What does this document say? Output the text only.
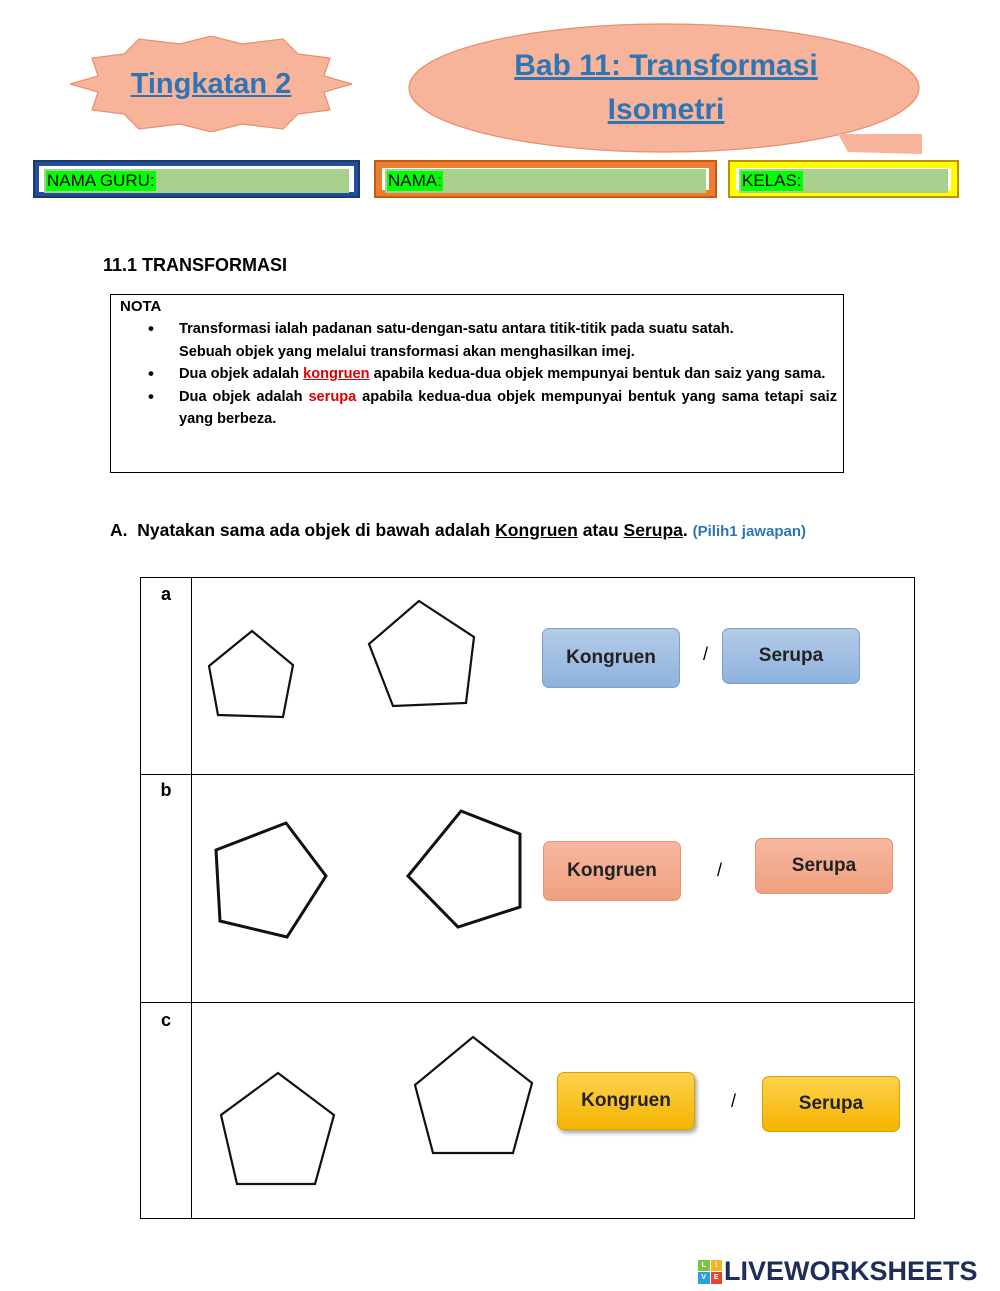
Tingkatan 2
Bab 11: Transformasi
Isometri
NAMA GURU:	NAMA:	KELAS:
11.1 TRANSFORMASI
NOTA
• Transformasi ialah padanan satu-dengan-satu antara titik-titik pada suatu satah.
Sebuah objek yang melalui transformasi akan menghasilkan imej.
• Dua objek adalah kongruen apabila kedua-dua objek mempunyai bentuk dan saiz yang sama.
• Dua objek adalah serupa apabila kedua-dua objek mempunyai bentuk yang sama tetapi saiz yang berbeza.
A. Nyatakan sama ada objek di bawah adalah Kongruen atau Serupa. (Pilih1 jawapan)
a
Kongruen	/	Serupa
b
Kongruen	/	Serupa
c
Kongruen	/	Serupa
L	I
V	E LIVEWORKSHEETS
